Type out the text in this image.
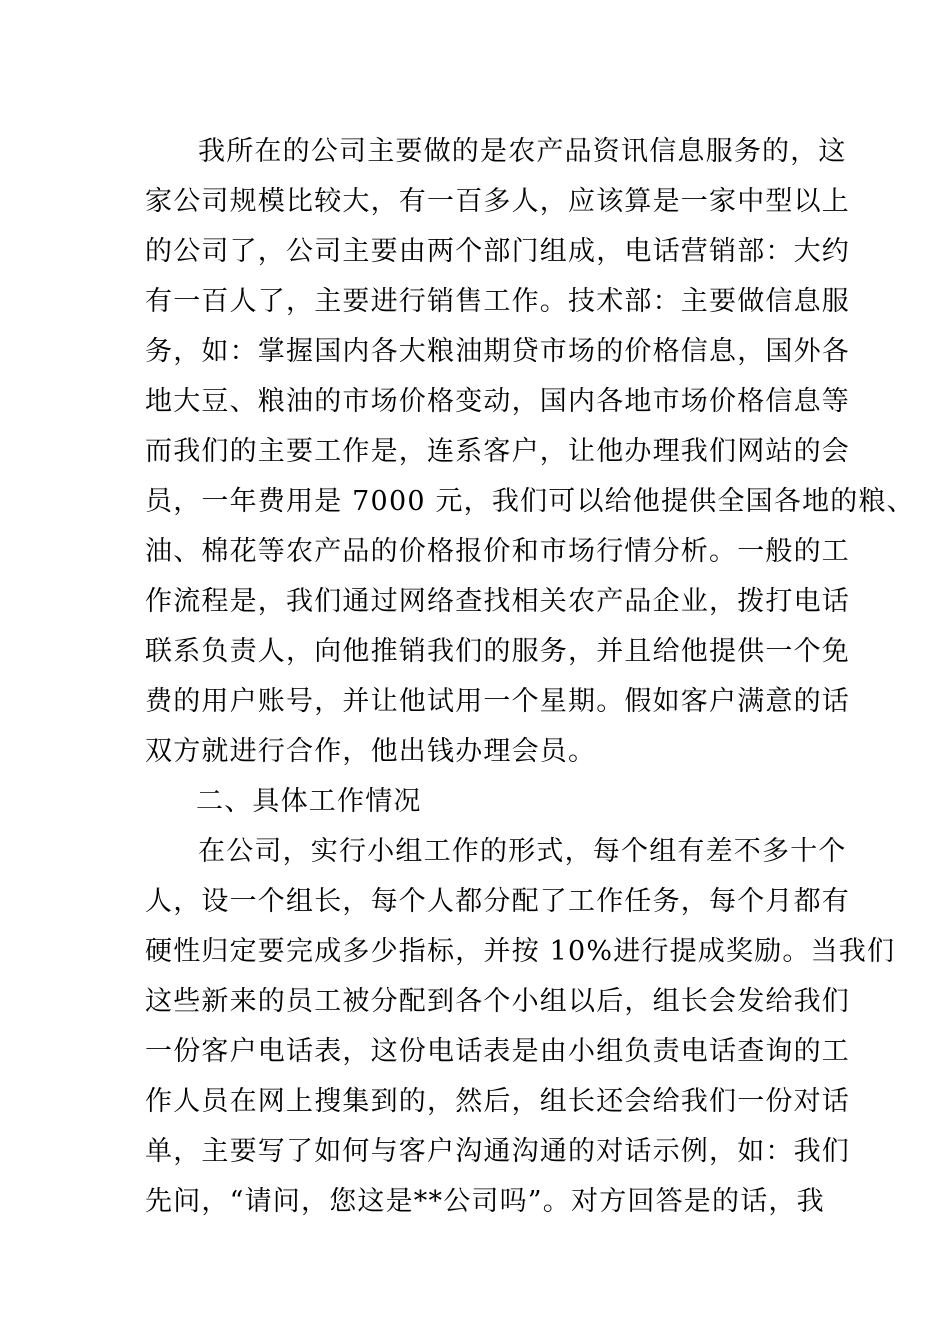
我所在的公司主要做的是农产品资讯信息服务的，这

家公司规模比较大，有一百多人，应该算是一家中型以上

的公司了，公司主要由两个部门组成，电话营销部：大约

有一百人了，主要进行销售工作。技术部：主要做信息服

务，如：掌握国内各大粮油期贷市场的价格信息，国外各

地大豆、粮油的市场价格变动，国内各地市场价格信息等

而我们的主要工作是，连系客户，让他办理我们网站的会

员，一年费用是 7000 元，我们可以给他提供全国各地的粮、

油、棉花等农产品的价格报价和市场行情分析。一般的工

作流程是，我们通过网络查找相关农产品企业，拨打电话

联系负责人，向他推销我们的服务，并且给他提供一个免

费的用户账号，并让他试用一个星期。假如客户满意的话

双方就进行合作，他出钱办理会员。

二、具体工作情况

在公司，实行小组工作的形式，每个组有差不多十个

人，设一个组长，每个人都分配了工作任务，每个月都有

硬性归定要完成多少指标，并按 10%进行提成奖励。当我们

这些新来的员工被分配到各个小组以后，组长会发给我们

一份客户电话表，这份电话表是由小组负责电话查询的工

作人员在网上搜集到的，然后，组长还会给我们一份对话

单，主要写了如何与客户沟通沟通的对话示例，如：我们

先问，“请问，您这是**公司吗”。对方回答是的话，我
